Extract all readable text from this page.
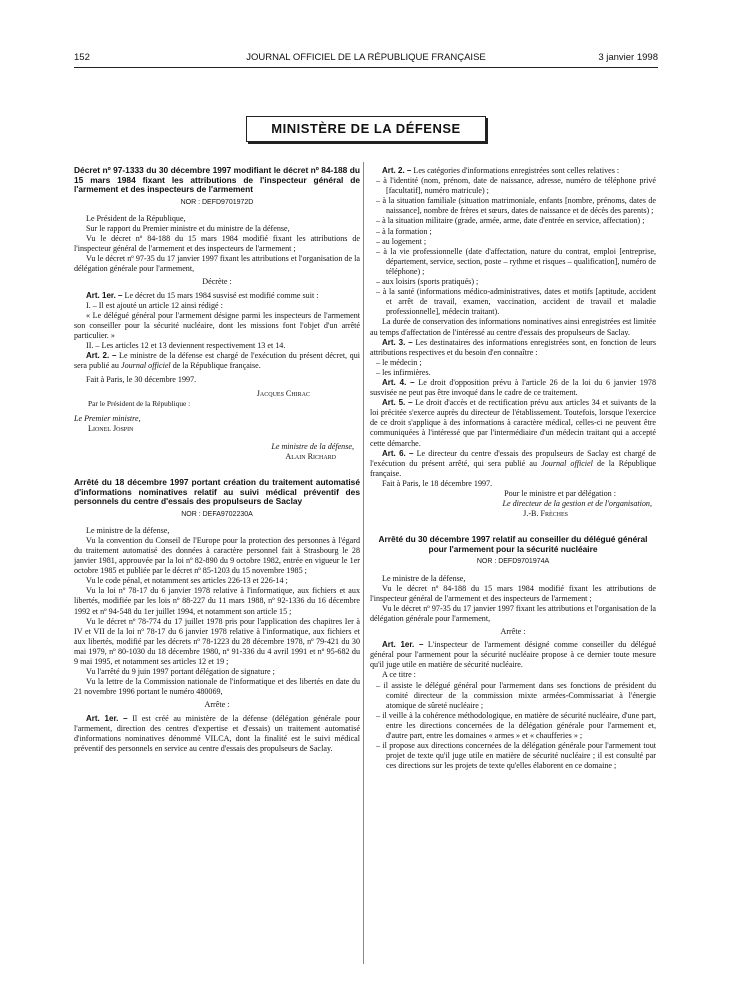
152	JOURNAL OFFICIEL DE LA RÉPUBLIQUE FRANÇAISE	3 janvier 1998
MINISTÈRE DE LA DÉFENSE
Décret nº 97-1333 du 30 décembre 1997 modifiant le décret nº 84-188 du 15 mars 1984 fixant les attributions de l'inspecteur général de l'armement et des inspecteurs de l'armement
NOR : DEFD9701972D

Le Président de la République,

Sur le rapport du Premier ministre et du ministre de la défense,

Vu le décret nº 84-188 du 15 mars 1984 modifié fixant les attributions de l'inspecteur général de l'armement et des inspecteurs de l'armement ;

Vu le décret nº 97-35 du 17 janvier 1997 fixant les attributions et l'organisation de la délégation générale pour l'armement,

Décrète :

Art. 1er. – Le décret du 15 mars 1984 susvisé est modifié comme suit :

I. – Il est ajouté un article 12 ainsi rédigé :

« Le délégué général pour l'armement désigne parmi les inspecteurs de l'armement son conseiller pour la sécurité nucléaire, dont les missions font l'objet d'un arrêté particulier. »

II. – Les articles 12 et 13 deviennent respectivement 13 et 14.

Art. 2. – Le ministre de la défense est chargé de l'exécution du présent décret, qui sera publié au Journal officiel de la République française.

Fait à Paris, le 30 décembre 1997.

Jacques Chirac

Par le Président de la République :

Le Premier ministre,

Lionel Jospin

Le ministre de la défense,

Alain Richard

Arrêté du 18 décembre 1997 portant création du traitement automatisé d'informations nominatives relatif au suivi médical préventif des personnels du centre d'essais des propulseurs de Saclay
NOR : DEFA9702230A

Le ministre de la défense,

Vu la convention du Conseil de l'Europe pour la protection des personnes à l'égard du traitement automatisé des données à caractère personnel fait à Strasbourg le 28 janvier 1981, approuvée par la loi nº 82-890 du 9 octobre 1982, entrée en vigueur le 1er octobre 1985 et publiée par le décret nº 85-1203 du 15 novembre 1985 ;

Vu le code pénal, et notamment ses articles 226-13 et 226-14 ;

Vu la loi nº 78-17 du 6 janvier 1978 relative à l'informatique, aux fichiers et aux libertés, modifiée par les lois nº 88-227 du 11 mars 1988, nº 92-1336 du 16 décembre 1992 et nº 94-548 du 1er juillet 1994, et notamment son article 15 ;

Vu le décret nº 78-774 du 17 juillet 1978 pris pour l'application des chapitres Ier à IV et VII de la loi nº 78-17 du 6 janvier 1978 relative à l'informatique, aux fichiers et aux libertés, modifié par les décrets nº 78-1223 du 28 décembre 1978, nº 79-421 du 30 mai 1979, nº 80-1030 du 18 décembre 1980, nº 91-336 du 4 avril 1991 et nº 95-682 du 9 mai 1995, et notamment ses articles 12 et 19 ;

Vu l'arrêté du 9 juin 1997 portant délégation de signature ;

Vu la lettre de la Commission nationale de l'informatique et des libertés en date du 21 novembre 1996 portant le numéro 480069,

Arrête :

Art. 1er. – Il est créé au ministère de la défense (délégation générale pour l'armement, direction des centres d'expertise et d'essais) un traitement automatisé d'informations nominatives dénommé VILCA, dont la finalité est le suivi médical préventif des personnels en service au centre d'essais des propulseurs de Saclay.

Art. 2. – Les catégories d'informations enregistrées sont celles relatives :

– à l'identité (nom, prénom, date de naissance, adresse, numéro de téléphone privé [facultatif], numéro matricule) ;

– à la situation familiale (situation matrimoniale, enfants [nombre, prénoms, dates de naissance], nombre de frères et sœurs, dates de naissance et de décès des parents) ;

– à la situation militaire (grade, armée, arme, date d'entrée en service, affectation) ;

– à la formation ;

– au logement ;

– à la vie professionnelle (date d'affectation, nature du contrat, emploi [entreprise, département, service, section, poste – rythme et risques – qualification], numéro de téléphone) ;

– aux loisirs (sports pratiqués) ;

– à la santé (informations médico-administratives, dates et motifs [aptitude, accident et arrêt de travail, examen, vaccination, accident de travail et maladie professionnelle], médecin traitant).

La durée de conservation des informations nominatives ainsi enregistrées est limitée au temps d'affectation de l'intéressé au centre d'essais des propulseurs de Saclay.

Art. 3. – Les destinataires des informations enregistrées sont, en fonction de leurs attributions respectives et du besoin d'en connaître :

– le médecin ;

– les infirmières.

Art. 4. – Le droit d'opposition prévu à l'article 26 de la loi du 6 janvier 1978 susvisée ne peut pas être invoqué dans le cadre de ce traitement.

Art. 5. – Le droit d'accès et de rectification prévu aux articles 34 et suivants de la loi précitée s'exerce auprès du directeur de l'établissement. Toutefois, lorsque l'exercice de ce droit s'applique à des informations à caractère médical, celles-ci ne peuvent être communiquées à l'intéressé que par l'intermédiaire d'un médecin traitant qui a accepté cette démarche.

Art. 6. – Le directeur du centre d'essais des propulseurs de Saclay est chargé de l'exécution du présent arrêté, qui sera publié au Journal officiel de la République française.

Fait à Paris, le 18 décembre 1997.

Pour le ministre et par délégation :

Le directeur de la gestion et de l'organisation,

J.-B. Frèches

Arrêté du 30 décembre 1997 relatif au conseiller du délégué général pour l'armement pour la sécurité nucléaire
NOR : DEFD9701974A

Le ministre de la défense,

Vu le décret nº 84-188 du 15 mars 1984 modifié fixant les attributions de l'inspecteur général de l'armement et des inspecteurs de l'armement ;

Vu le décret nº 97-35 du 17 janvier 1997 fixant les attributions et l'organisation de la délégation générale pour l'armement,

Arrête :

Art. 1er. – L'inspecteur de l'armement désigné comme conseiller du délégué général pour l'armement pour la sécurité nucléaire propose à ce dernier toute mesure qu'il juge utile en matière de sécurité nucléaire.

A ce titre :

– il assiste le délégué général pour l'armement dans ses fonctions de président du comité directeur de la commission mixte armées-Commissariat à l'énergie atomique de sûreté nucléaire ;

– il veille à la cohérence méthodologique, en matière de sécurité nucléaire, d'une part, entre les directions concernées de la délégation générale pour l'armement et, d'autre part, entre les domaines « armes » et « chaufferies » ;

– il propose aux directions concernées de la délégation générale pour l'armement tout projet de texte qu'il juge utile en matière de sécurité nucléaire ; il est consulté par ces directions sur les projets de texte qu'elles élaborent en ce domaine ;
